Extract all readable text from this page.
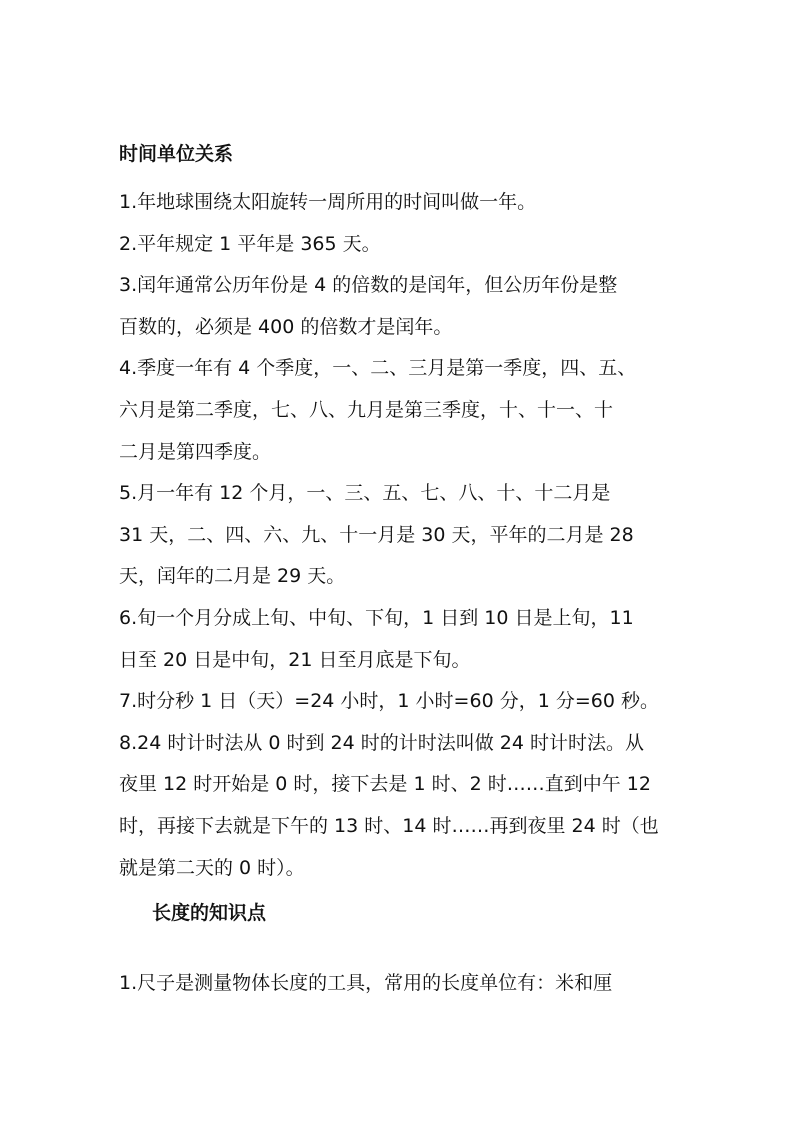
时间单位关系
1.年地球围绕太阳旋转一周所用的时间叫做一年。
2.平年规定 1 平年是 365 天。
3.闰年通常公历年份是 4 的倍数的是闰年，但公历年份是整
百数的，必须是 400 的倍数才是闰年。
4.季度一年有 4 个季度，一、二、三月是第一季度，四、五、
六月是第二季度，七、八、九月是第三季度，十、十一、十
二月是第四季度。
5.月一年有 12 个月，一、三、五、七、八、十、十二月是
31 天，二、四、六、九、十一月是 30 天，平年的二月是 28
天，闰年的二月是 29 天。
6.旬一个月分成上旬、中旬、下旬，1 日到 10 日是上旬，11
日至 20 日是中旬，21 日至月底是下旬。
7.时分秒 1 日（天）=24 小时，1 小时=60 分，1 分=60 秒。
8.24 时计时法从 0 时到 24 时的计时法叫做 24 时计时法。从
夜里 12 时开始是 0 时，接下去是 1 时、2 时……直到中午 12
时，再接下去就是下午的 13 时、14 时……再到夜里 24 时（也
就是第二天的 0 时）。
长度的知识点
1.尺子是测量物体长度的工具，常用的长度单位有：米和厘
